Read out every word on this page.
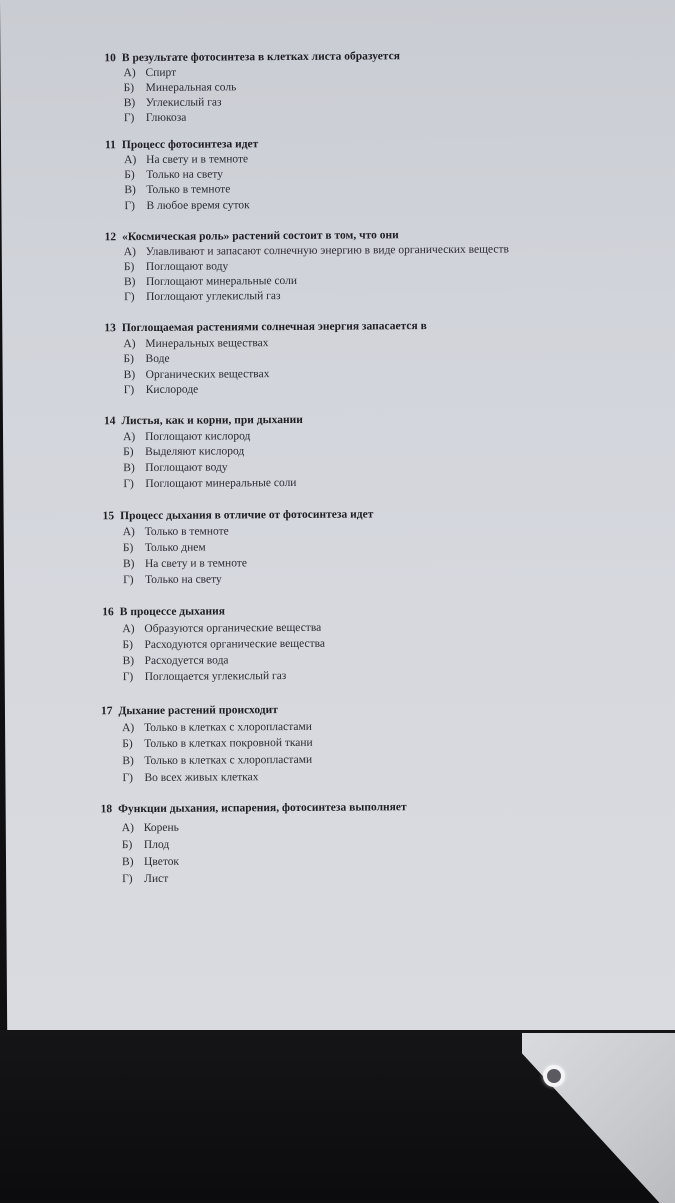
10 В результате фотосинтеза в клетках листа образуется
А) Спирт
Б) Минеральная соль
В) Углекислый газ
Г) Глюкоза
11 Процесс фотосинтеза идет
А) На свету и в темноте
Б) Только на свету
В) Только в темноте
Г) В любое время суток
12 «Космическая роль» растений состоит в том, что они
А) Улавливают и запасают солнечную энергию в виде органических веществ
Б) Поглощают воду
В) Поглощают минеральные соли
Г) Поглощают углекислый газ
13 Поглощаемая растениями солнечная энергия запасается в
А) Минеральных веществах
Б) Воде
В) Органических веществах
Г) Кислороде
14 Листья, как и корни, при дыхании
А) Поглощают кислород
Б) Выделяют кислород
В) Поглощают воду
Г) Поглощают минеральные соли
15 Процесс дыхания в отличие от фотосинтеза идет
А) Только в темноте
Б) Только днем
В) На свету и в темноте
Г) Только на свету
16 В процессе дыхания
А) Образуются органические вещества
Б) Расходуются органические вещества
В) Расходуется вода
Г) Поглощается углекислый газ
17 Дыхание растений происходит
А) Только в клетках с хлоропластами
Б) Только в клетках покровной ткани
В) Только в клетках с хлоропластами
Г) Во всех живых клетках
18 Функции дыхания, испарения, фотосинтеза выполняет
А) Корень
Б) Плод
В) Цветок
Г) Лист
